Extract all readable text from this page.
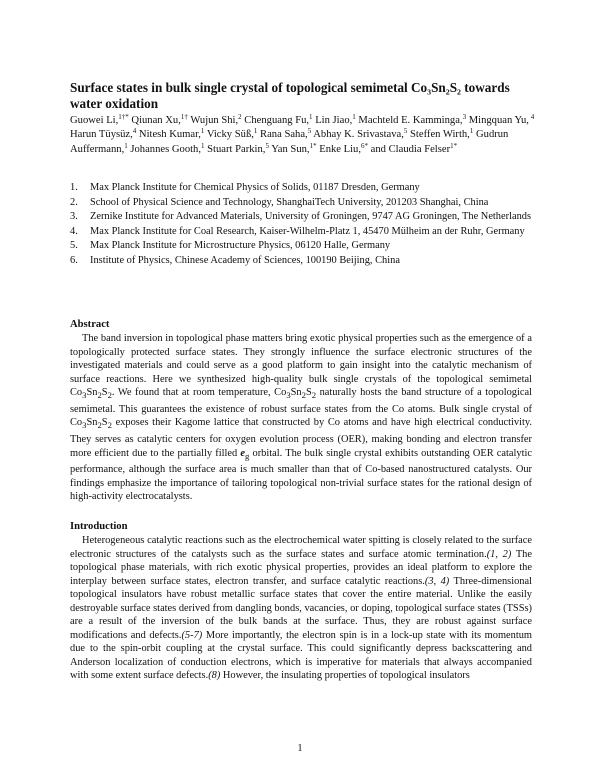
Surface states in bulk single crystal of topological semimetal Co₃Sn₂S₂ towards water oxidation
Guowei Li,$^{1\dagger*}$ Qiunan Xu,$^{1\dagger}$ Wujun Shi,$^2$ Chenguang Fu,$^1$ Lin Jiao,$^1$ Machteld E. Kamminga,$^3$ Mingquan Yu, $^4$ Harun Tüysüz,$^4$ Nitesh Kumar,$^1$ Vicky Süß,$^1$ Rana Saha,$^5$ Abhay K. Srivastava,$^5$ Steffen Wirth,$^1$ Gudrun Auffermann,$^1$ Johannes Gooth,$^1$ Stuart Parkin,$^5$ Yan Sun,$^{1*}$ Enke Liu,$^{6*}$ and Claudia Felser$^{1*}$
1. Max Planck Institute for Chemical Physics of Solids, 01187 Dresden, Germany
2. School of Physical Science and Technology, ShanghaiTech University, 201203 Shanghai, China
3. Zernike Institute for Advanced Materials, University of Groningen, 9747 AG Groningen, The Netherlands
4. Max Planck Institute for Coal Research, Kaiser-Wilhelm-Platz 1, 45470 Mülheim an der Ruhr, Germany
5. Max Planck Institute for Microstructure Physics, 06120 Halle, Germany
6. Institute of Physics, Chinese Academy of Sciences, 100190 Beijing, China
Abstract

The band inversion in topological phase matters bring exotic physical properties such as the emergence of a topologically protected surface states. They strongly influence the surface electronic structures of the investigated materials and could serve as a good platform to gain insight into the catalytic mechanism of surface reactions. Here we synthesized high-quality bulk single crystals of the topological semimetal $Co_3Sn_2S_2$. We found that at room temperature, $Co_3Sn_2S_2$ naturally hosts the band structure of a topological semimetal. This guarantees the existence of robust surface states from the Co atoms. Bulk single crystal of $Co_3Sn_2S_2$ exposes their Kagome lattice that constructed by Co atoms and have high electrical conductivity. They serves as catalytic centers for oxygen evolution process (OER), making bonding and electron transfer more efficient due to the partially filled $e_g$ orbital. The bulk single crystal exhibits outstanding OER catalytic performance, although the surface area is much smaller than that of Co-based nanostructured catalysts. Our findings emphasize the importance of tailoring topological non-trivial surface states for the rational design of high-activity electrocatalysts.

Introduction

Heterogeneous catalytic reactions such as the electrochemical water spitting is closely related to the surface electronic structures of the catalysts such as the surface states and surface atomic termination.(1, 2) The topological phase materials, with rich exotic physical properties, provides an ideal platform to explore the interplay between surface states, electron transfer, and surface catalytic reactions.(3, 4) Three-dimensional topological insulators have robust metallic surface states that cover the entire material. Unlike the easily destroyable surface states derived from dangling bonds, vacancies, or doping, topological surface states (TSSs) are a result of the inversion of the bulk bands at the surface. Thus, they are robust against surface modifications and defects.(5-7) More importantly, the electron spin is in a lock-up state with its momentum due to the spin-orbit coupling at the crystal surface. This could significantly depress backscattering and Anderson localization of conduction electrons, which is imperative for materials that always accompanied with some extent surface defects.(8) However, the insulating properties of topological insulators

1
